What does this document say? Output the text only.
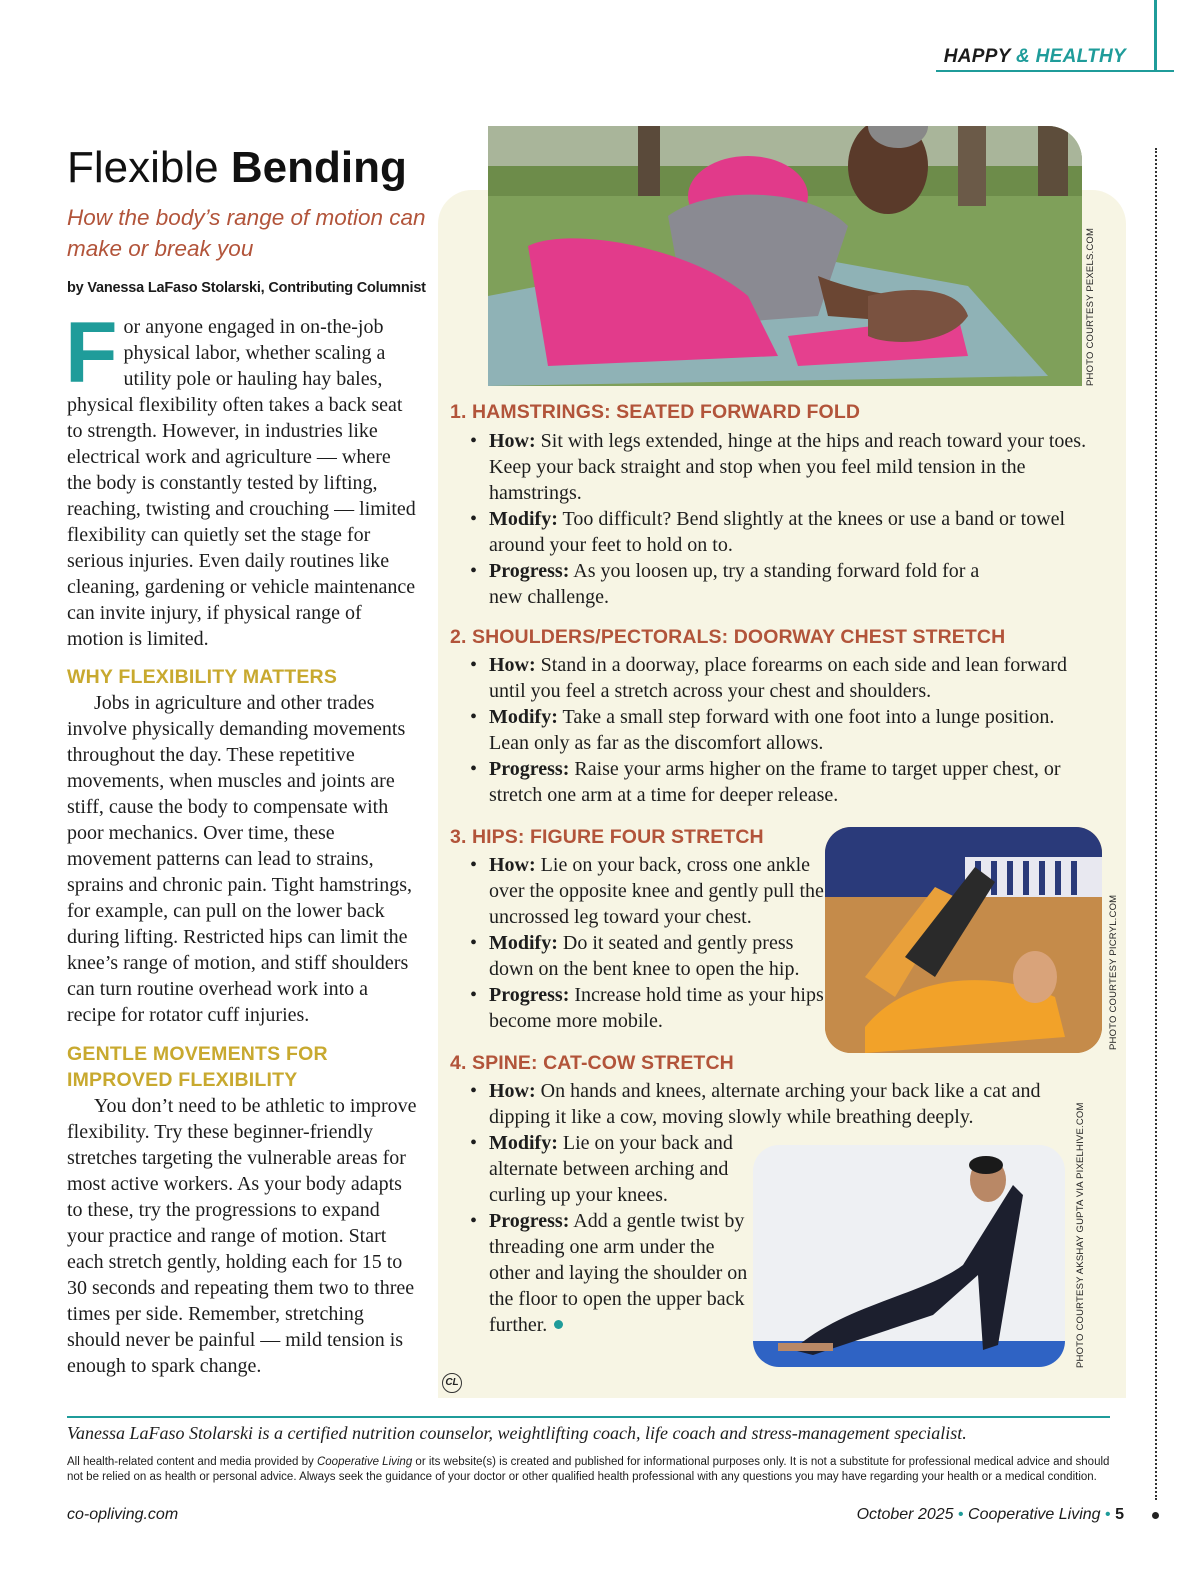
HAPPY & HEALTHY
Flexible Bending
How the body’s range of motion can make or break you
by Vanessa LaFaso Stolarski, Contributing Columnist

For anyone engaged in on-the-job physical labor, whether scaling a utility pole or hauling hay bales, physical flexibility often takes a back seat to strength. However, in industries like electrical work and agriculture — where the body is constantly tested by lifting, reaching, twisting and crouching — limited flexibility can quietly set the stage for serious injuries. Even daily routines like cleaning, gardening or vehicle maintenance can invite injury, if physical range of motion is limited.

WHY FLEXIBILITY MATTERS

Jobs in agriculture and other trades involve physically demanding movements throughout the day. These repetitive movements, when muscles and joints are stiff, cause the body to compensate with poor mechanics. Over time, these movement patterns can lead to strains, sprains and chronic pain. Tight hamstrings, for example, can pull on the lower back during lifting. Restricted hips can limit the knee’s range of motion, and stiff shoulders can turn routine overhead work into a recipe for rotator cuff injuries.

GENTLE MOVEMENTS FOR IMPROVED FLEXIBILITY

You don’t need to be athletic to improve flexibility. Try these beginner-friendly stretches targeting the vulnerable areas for most active workers. As your body adapts to these, try the progressions to expand your practice and range of motion. Start each stretch gently, holding each for 15 to 30 seconds and repeating them two to three times per side. Remember, stretching should never be painful — mild tension is enough to spark change.

PHOTO COURTESY PEXELS.COM
1. HAMSTRINGS: SEATED FORWARD FOLD
• How: Sit with legs extended, hinge at the hips and reach toward your toes. Keep your back straight and stop when you feel mild tension in the hamstrings.
• Modify: Too difficult? Bend slightly at the knees or use a band or towel around your feet to hold on to.
• Progress: As you loosen up, try a standing forward fold for a new challenge.
2. SHOULDERS/PECTORALS: DOORWAY CHEST STRETCH
• How: Stand in a doorway, place forearms on each side and lean forward until you feel a stretch across your chest and shoulders.
• Modify: Take a small step forward with one foot into a lunge position. Lean only as far as the discomfort allows.
• Progress: Raise your arms higher on the frame to target upper chest, or stretch one arm at a time for deeper release.
PHOTO COURTESY PICRYL.COM
3. HIPS: FIGURE FOUR STRETCH
• How: Lie on your back, cross one ankle over the opposite knee and gently pull the uncrossed leg toward your chest.
• Modify: Do it seated and gently press down on the bent knee to open the hip.
• Progress: Increase hold time as your hips become more mobile.
PHOTO COURTESY AKSHAY GUPTA VIA PIXELHIVE.COM
4. SPINE: CAT-COW STRETCH
• How: On hands and knees, alternate arching your back like a cat and dipping it like a cow, moving slowly while breathing deeply.
• Modify: Lie on your back and alternate between arching and curling up your knees.
• Progress: Add a gentle twist by threading one arm under the other and laying the shoulder on the floor to open the upper back further.
CL
Vanessa LaFaso Stolarski is a certified nutrition counselor, weightlifting coach, life coach and stress-management specialist.
All health-related content and media provided by Cooperative Living or its website(s) is created and published for informational purposes only. It is not a substitute for professional medical advice and should not be relied on as health or personal advice. Always seek the guidance of your doctor or other qualified health professional with any questions you may have regarding your health or a medical condition.
co-opliving.com	October 2025 • Cooperative Living • 5
